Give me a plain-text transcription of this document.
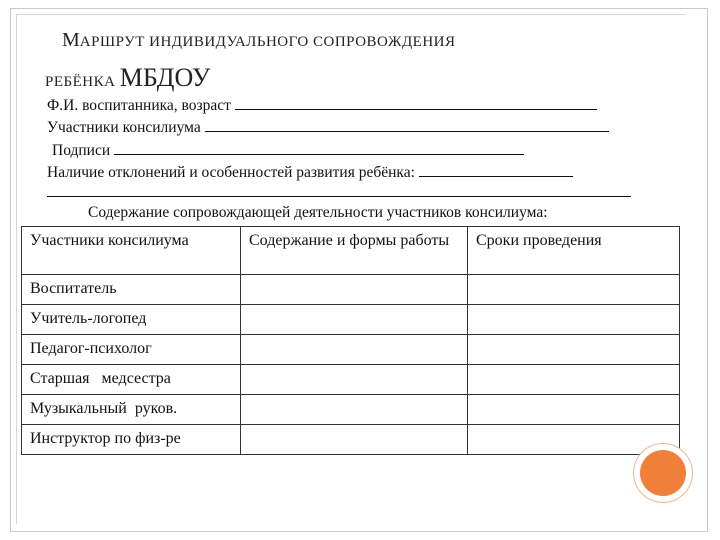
МАРШРУТ ИНДИВИДУАЛЬНОГО СОПРОВОЖДЕНИЯ
РЕБЁНКА МБДОУ
Ф.И. воспитанника, возраст
Участники консилиума
Подписи
Наличие отклонений и особенностей развития ребёнка:
Содержание сопровождающей деятельности участников консилиума:
Участники консилиума	Содержание и формы работы	Сроки проведения
Воспитатель		
Учитель-логопед		
Педагог-психолог		
Старшая   медсестра		
Музыкальный  руков.		
Инструктор по физ-ре		
